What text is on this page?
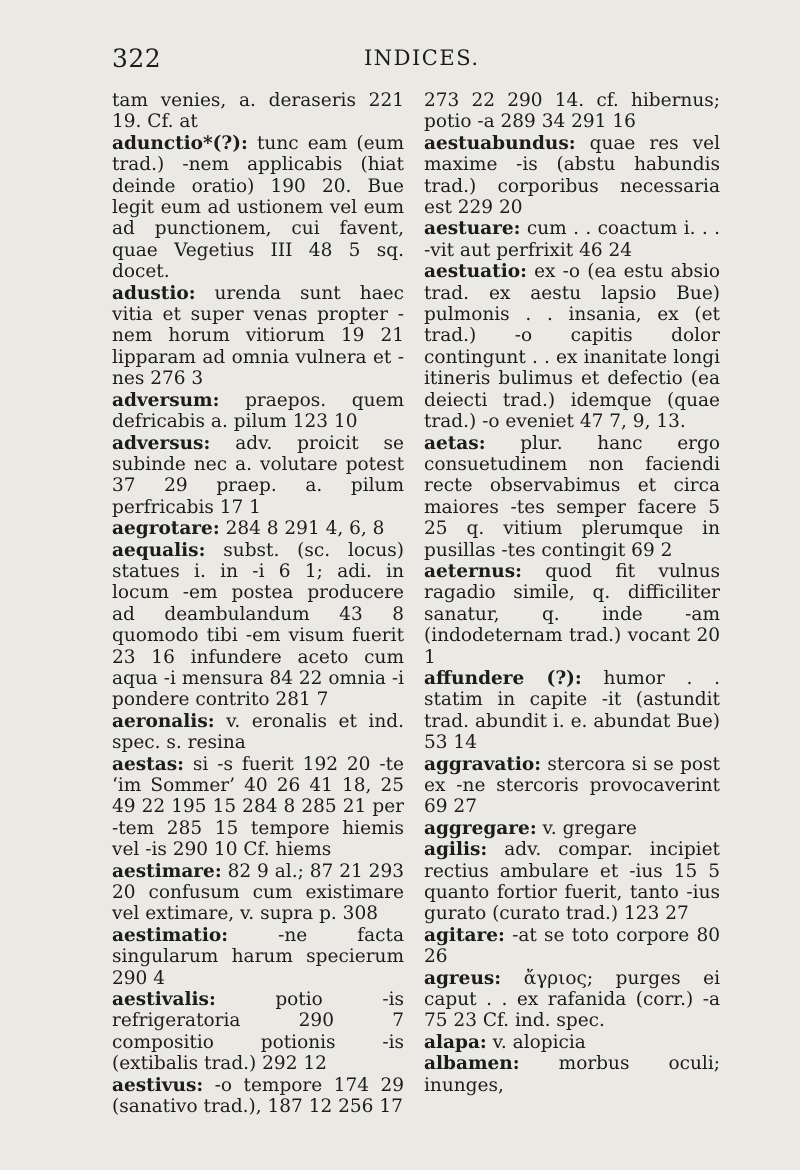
322	INDICES.

tam venies, a. deraseris 221 19. Cf. at

adunctio*(?): tunc eam (eum trad.) -nem applicabis (hiat deinde oratio) 190 20. Bue legit eum ad ustionem vel eum ad punctionem, cui favent, quae Vegetius III 48 5 sq. docet.

adustio: urenda sunt haec vitia et super venas propter -nem horum vitiorum 19 21 lipparam ad omnia vulnera et -nes 276 3

adversum: praepos. quem defricabis a. pilum 123 10

adversus: adv. proicit se subinde nec a. volutare potest 37 29 praep. a. pilum perfricabis 17 1

aegrotare: 284 8 291 4, 6, 8

aequalis: subst. (sc. locus) statues i. in -i 6 1; adi. in locum -em postea producere ad deambulandum 43 8 quomodo tibi -em visum fuerit 23 16 infundere aceto cum aqua -i mensura 84 22 omnia -i pondere contrito 281 7

aeronalis: v. eronalis et ind. spec. s. resina

aestas: si -s fuerit 192 20 -te ‘im Sommer’ 40 26 41 18, 25 49 22 195 15 284 8 285 21 per -tem 285 15 tempore hiemis vel -is 290 10 Cf. hiems

aestimare: 82 9 al.; 87 21 293 20 confusum cum existimare vel extimare, v. supra p. 308

aestimatio:	-ne facta singularum harum specierum 290 4

aestivalis:	potio -is refrigeratoria 290 7 compositio potionis -is (extibalis trad.) 292 12

aestivus: -o tempore 174 29 (sanativo trad.), 187 12 256 17

273 22 290 14. cf. hibernus; potio -a 289 34 291 16

aestuabundus: quae res vel maxime -is (abstu habundis trad.) corporibus necessaria est 229 20

aestuare: cum . . coactum i. . . -vit aut perfrixit 46 24

aestuatio: ex -o (ea estu absio trad. ex aestu lapsio Bue) pulmonis . . insania, ex (et trad.) -o capitis dolor contingunt . . ex inanitate longi itineris bulimus et defectio (ea deiecti trad.) idemque (quae trad.) -o eveniet 47 7, 9, 13.

aetas: plur. hanc ergo consuetudinem non faciendi recte observabimus et circa maiores -tes semper facere 5 25 q. vitium plerumque in pusillas -tes contingit 69 2

aeternus: quod fit vulnus ragadio simile, q. difficiliter sanatur, q. inde -am (indodeternam trad.) vocant 20 1

affundere (?): humor . . statim in capite -it (astundit trad. abundit i. e. abundat Bue) 53 14

aggravatio: stercora si se post ex -ne stercoris provocaverint 69 27

aggregare: v. gregare

agilis: adv. compar. incipiet rectius ambulare et -ius 15 5 quanto fortior fuerit, tanto -ius gurato (curato trad.) 123 27

agitare: -at se toto corpore 80 26

agreus: ἄγριος; purges ei caput . . ex rafanida (corr.) -a 75 23 Cf. ind. spec.

alapa: v. alopicia

albamen: morbus oculi; inunges,
